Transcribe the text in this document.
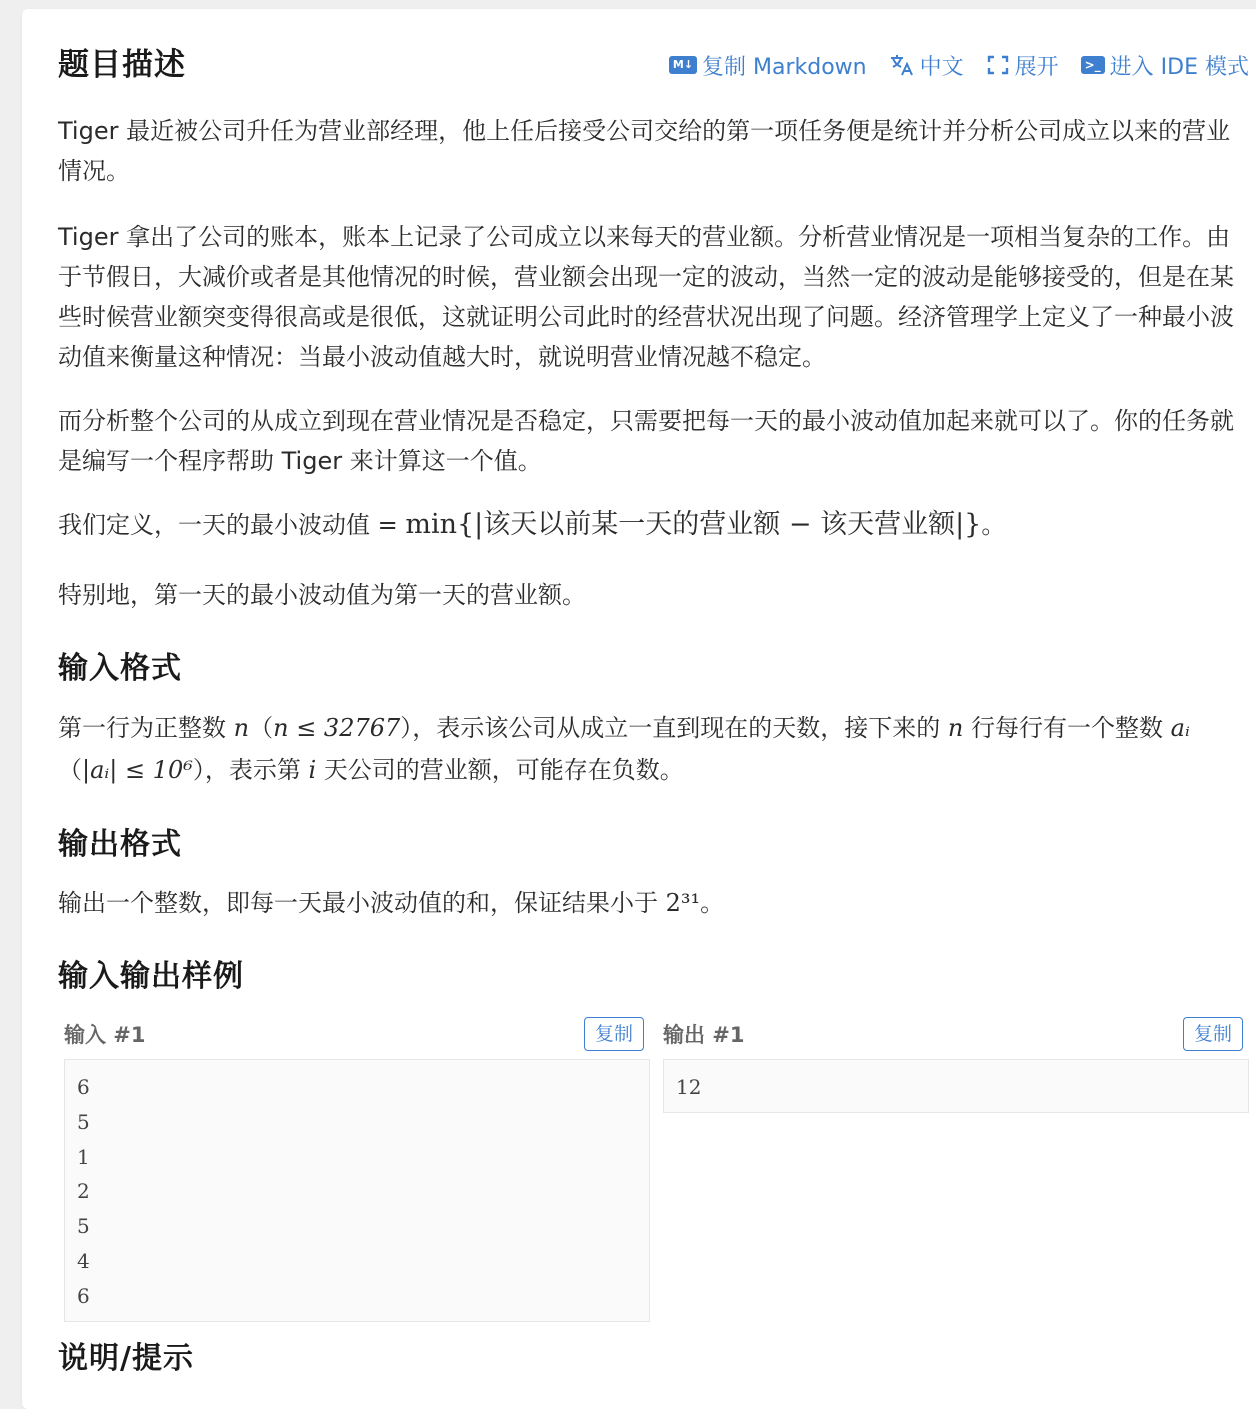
题目描述	M↓ 复制 Markdown 中文 展开	>_ 进入 IDE 模式
Tiger 最近被公司升任为营业部经理，他上任后接受公司交给的第一项任务便是统计并分析公司成立以来的营业情况。
Tiger 拿出了公司的账本，账本上记录了公司成立以来每天的营业额。分析营业情况是一项相当复杂的工作。由于节假日，大减价或者是其他情况的时候，营业额会出现一定的波动，当然一定的波动是能够接受的，但是在某些时候营业额突变得很高或是很低，这就证明公司此时的经营状况出现了问题。经济管理学上定义了一种最小波动值来衡量这种情况：当最小波动值越大时，就说明营业情况越不稳定。
而分析整个公司的从成立到现在营业情况是否稳定，只需要把每一天的最小波动值加起来就可以了。你的任务就是编写一个程序帮助 Tiger 来计算这一个值。
我们定义，一天的最小波动值 = min{|该天以前某一天的营业额 − 该天营业额|}。
特别地，第一天的最小波动值为第一天的营业额。
输入格式
第一行为正整数 n（n ≤ 32767），表示该公司从成立一直到现在的天数，接下来的 n 行每行有一个整数 aᵢ（|aᵢ| ≤ 10⁶），表示第 i 天公司的营业额，可能存在负数。
输出格式
输出一个整数，即每一天最小波动值的和，保证结果小于 2³¹。
输入输出样例
输入 #1	复制
6
5
1
2
5
4
6
输出 #1	复制
12
说明/提示
